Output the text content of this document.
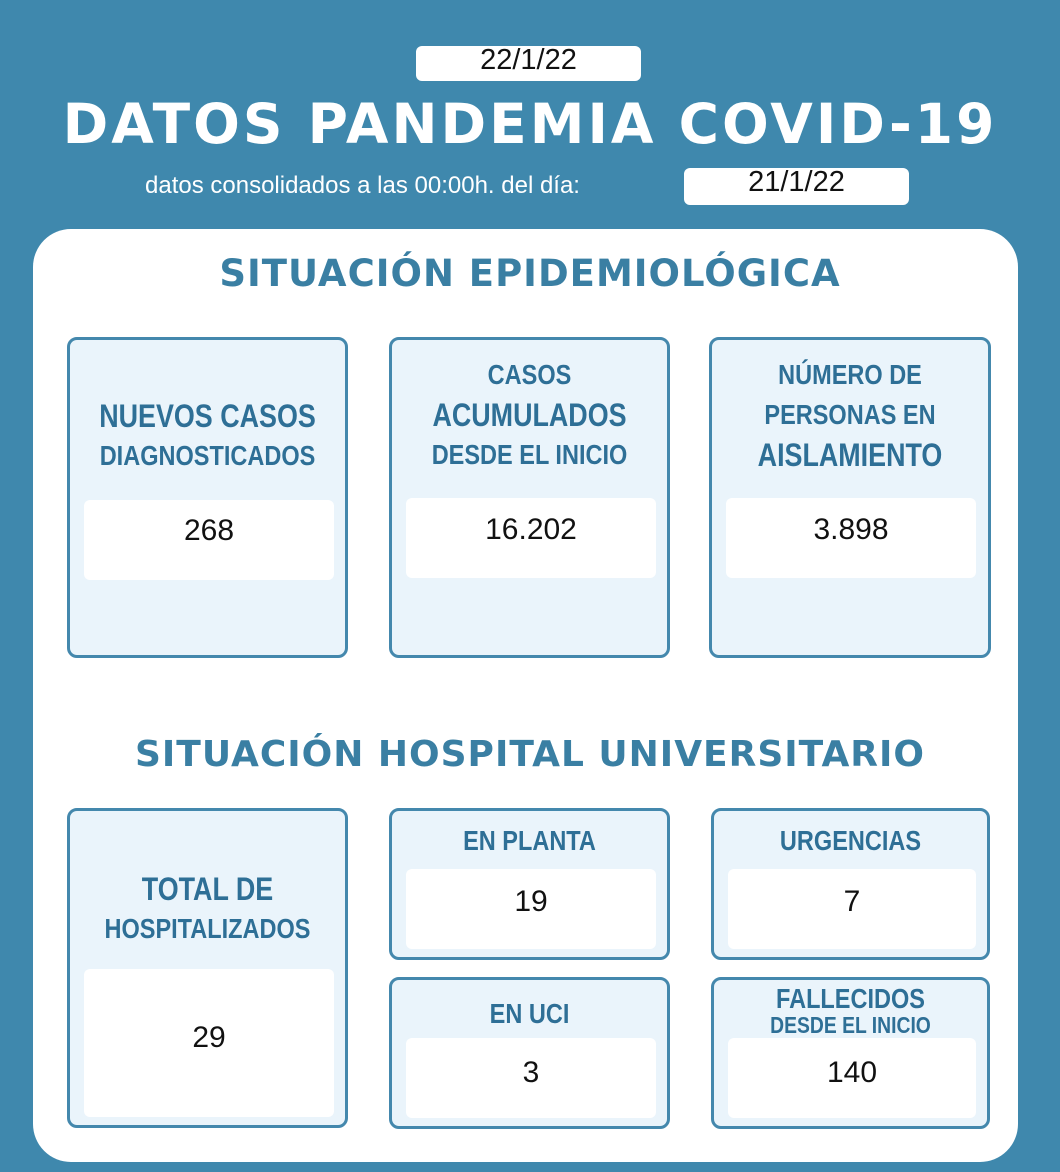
22/1/22
DATOS PANDEMIA COVID-19
datos consolidados a las 00:00h. del día:	21/1/22
SITUACIÓN EPIDEMIOLÓGICA
NUEVOS CASOS
DIAGNOSTICADOS
268
CASOS
ACUMULADOS
DESDE EL INICIO
16.202
NÚMERO DE
PERSONAS EN
AISLAMIENTO
3.898
SITUACIÓN HOSPITAL UNIVERSITARIO
TOTAL DE
HOSPITALIZADOS
29
EN PLANTA
19
URGENCIAS
7
EN UCI
3
FALLECIDOS
DESDE EL INICIO
140
